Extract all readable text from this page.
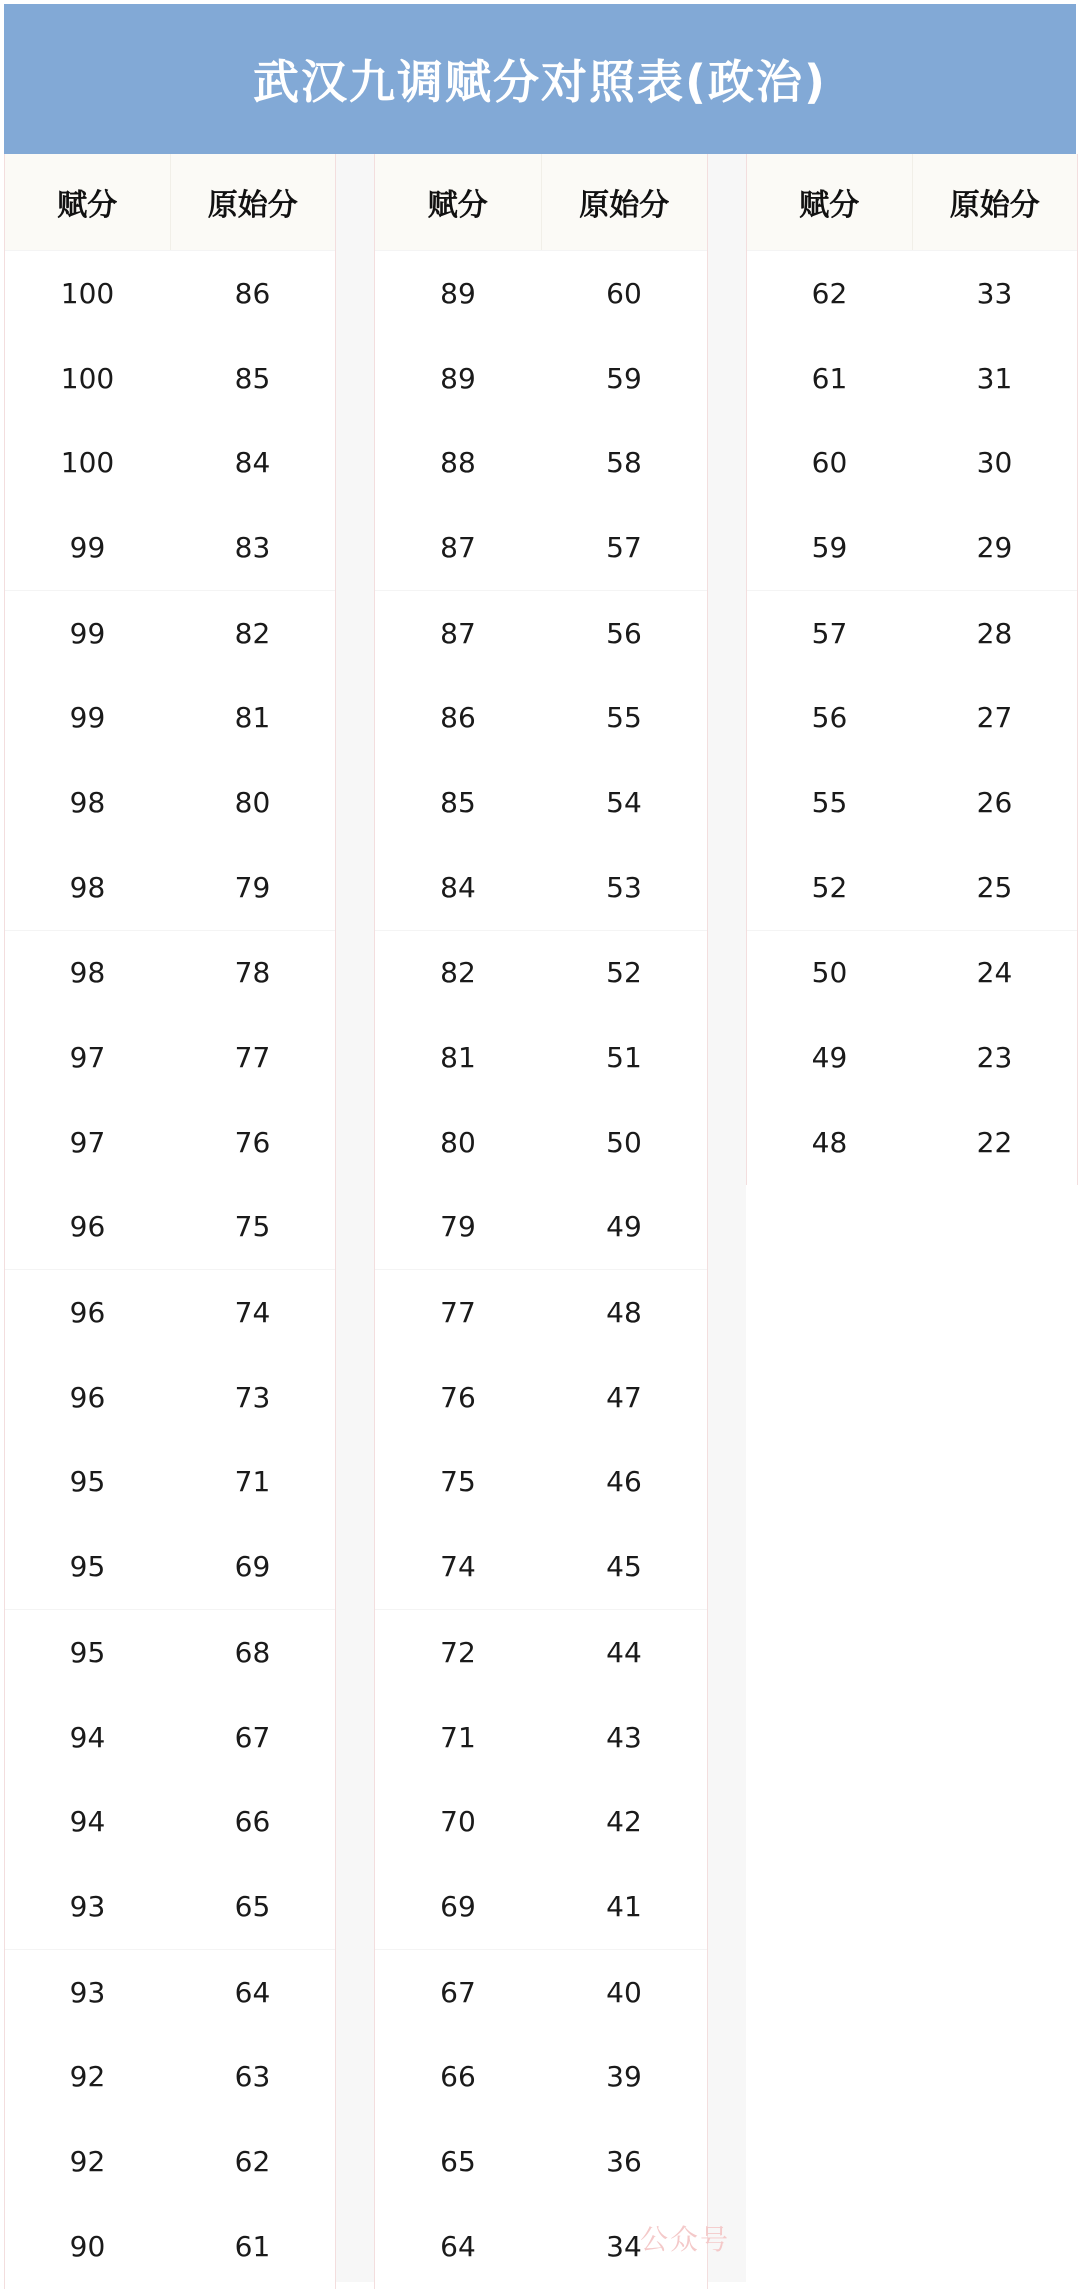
武汉九调赋分对照表(政治)
赋分	原始分
100	86
100	85
100	84
99	83
99	82
99	81
98	80
98	79
98	78
97	77
97	76
96	75
96	74
96	73
95	71
95	69
95	68
94	67
94	66
93	65
93	64
92	63
92	62
90	61
赋分	原始分
89	60
89	59
88	58
87	57
87	56
86	55
85	54
84	53
82	52
81	51
80	50
79	49
77	48
76	47
75	46
74	45
72	44
71	43
70	42
69	41
67	40
66	39
65	36
64	34
赋分	原始分
62	33
61	31
60	30
59	29
57	28
56	27
55	26
52	25
50	24
49	23
48	22
公众号
